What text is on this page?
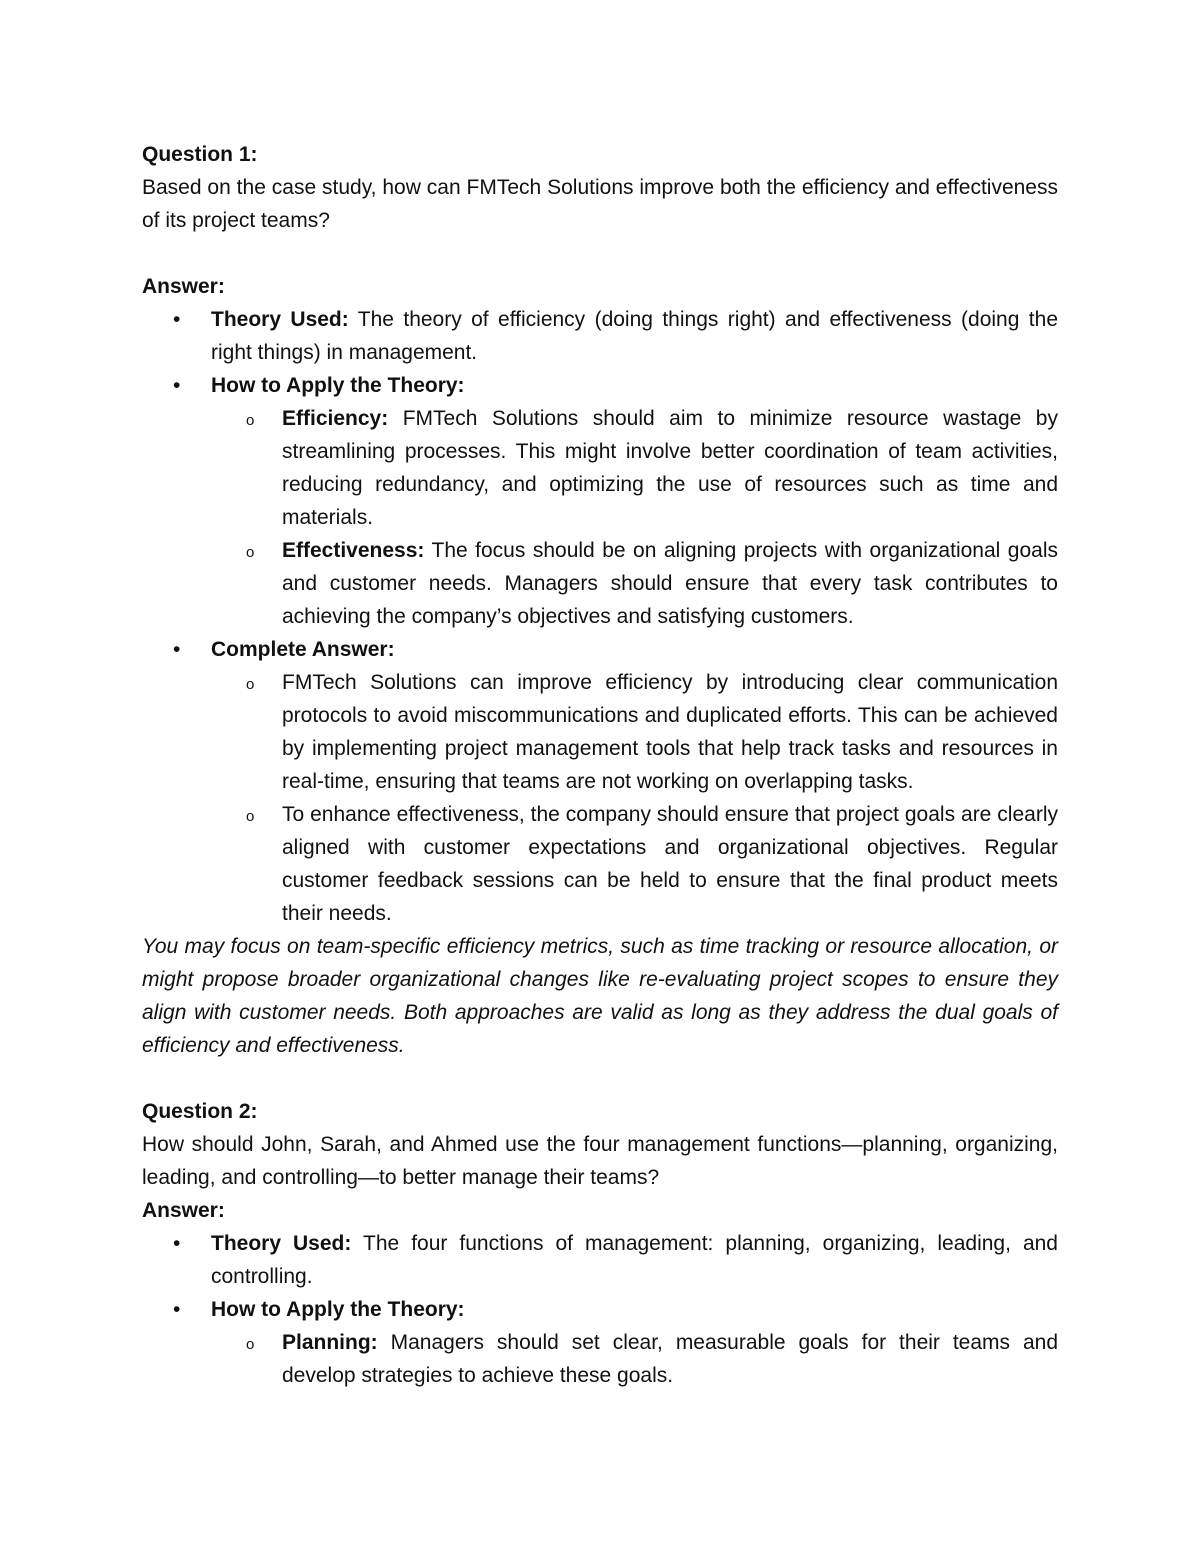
Question 1:

Based on the case study, how can FMTech Solutions improve both the efficiency and effectiveness of its project teams?

Answer:

• Theory Used: The theory of efficiency (doing things right) and effectiveness (doing the right things) in management.
• How to Apply the Theory:
o Efficiency: FMTech Solutions should aim to minimize resource wastage by streamlining processes. This might involve better coordination of team activities, reducing redundancy, and optimizing the use of resources such as time and materials.
o Effectiveness: The focus should be on aligning projects with organizational goals and customer needs. Managers should ensure that every task contributes to achieving the company’s objectives and satisfying customers.
• Complete Answer:
o FMTech Solutions can improve efficiency by introducing clear communication protocols to avoid miscommunications and duplicated efforts. This can be achieved by implementing project management tools that help track tasks and resources in real-time, ensuring that teams are not working on overlapping tasks.
o To enhance effectiveness, the company should ensure that project goals are clearly aligned with customer expectations and organizational objectives. Regular customer feedback sessions can be held to ensure that the final product meets their needs.

You may focus on team-specific efficiency metrics, such as time tracking or resource allocation, or might propose broader organizational changes like re-evaluating project scopes to ensure they align with customer needs. Both approaches are valid as long as they address the dual goals of efficiency and effectiveness.

Question 2:

How should John, Sarah, and Ahmed use the four management functions—planning, organizing, leading, and controlling—to better manage their teams?

Answer:

• Theory Used: The four functions of management: planning, organizing, leading, and controlling.
• How to Apply the Theory:
o Planning: Managers should set clear, measurable goals for their teams and develop strategies to achieve these goals.
